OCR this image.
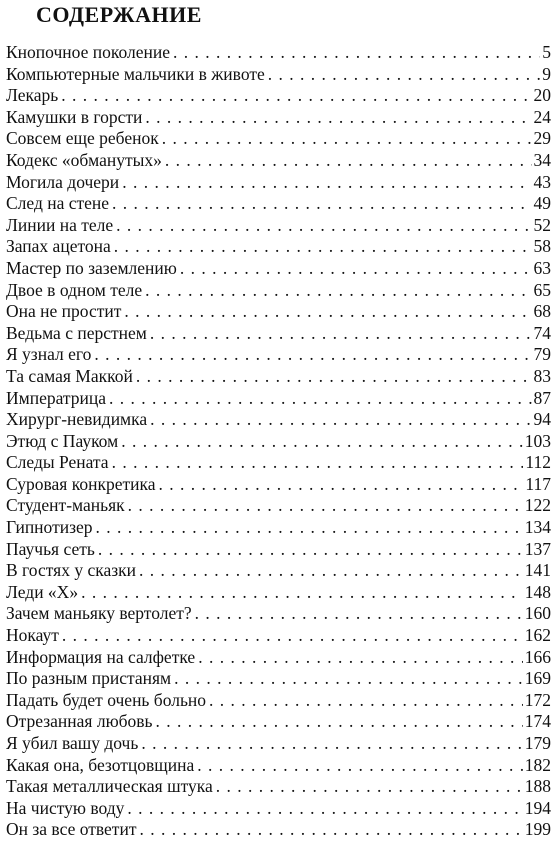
СОДЕРЖАНИЕ
Кнопочное поколение . . .	5
Компьютерные мальчики в животе . . .	9
Лекарь . . .	20
Камушки в горсти . . .	24
Совсем еще ребенок . . .	29
Кодекс «обманутых» . . .	34
Могила дочери . . .	43
След на стене . . .	49
Линии на теле . . .	52
Запах ацетона . . .	58
Мастер по заземлению . . .	63
Двое в одном теле . . .	65
Она не простит . . .	68
Ведьма с перстнем . . .	74
Я узнал его . . .	79
Та самая Маккой . . .	83
Императрица . . .	87
Хирург-невидимка . . .	94
Этюд с Пауком . . .	103
Следы Рената . . .	112
Суровая конкретика . . .	117
Студент-маньяк . . .	122
Гипнотизер . . .	134
Паучья сеть . . .	137
В гостях у сказки . . .	141
Леди «Х» . . .	148
Зачем маньяку вертолет? . . .	160
Нокаут . . .	162
Информация на салфетке . . .	166
По разным пристаням . . .	169
Падать будет очень больно . . .	172
Отрезанная любовь . . .	174
Я убил вашу дочь . . .	179
Какая она, безотцовщина . . .	182
Такая металлическая штука . . .	188
На чистую воду . . .	194
Он за все ответит . . .	199
